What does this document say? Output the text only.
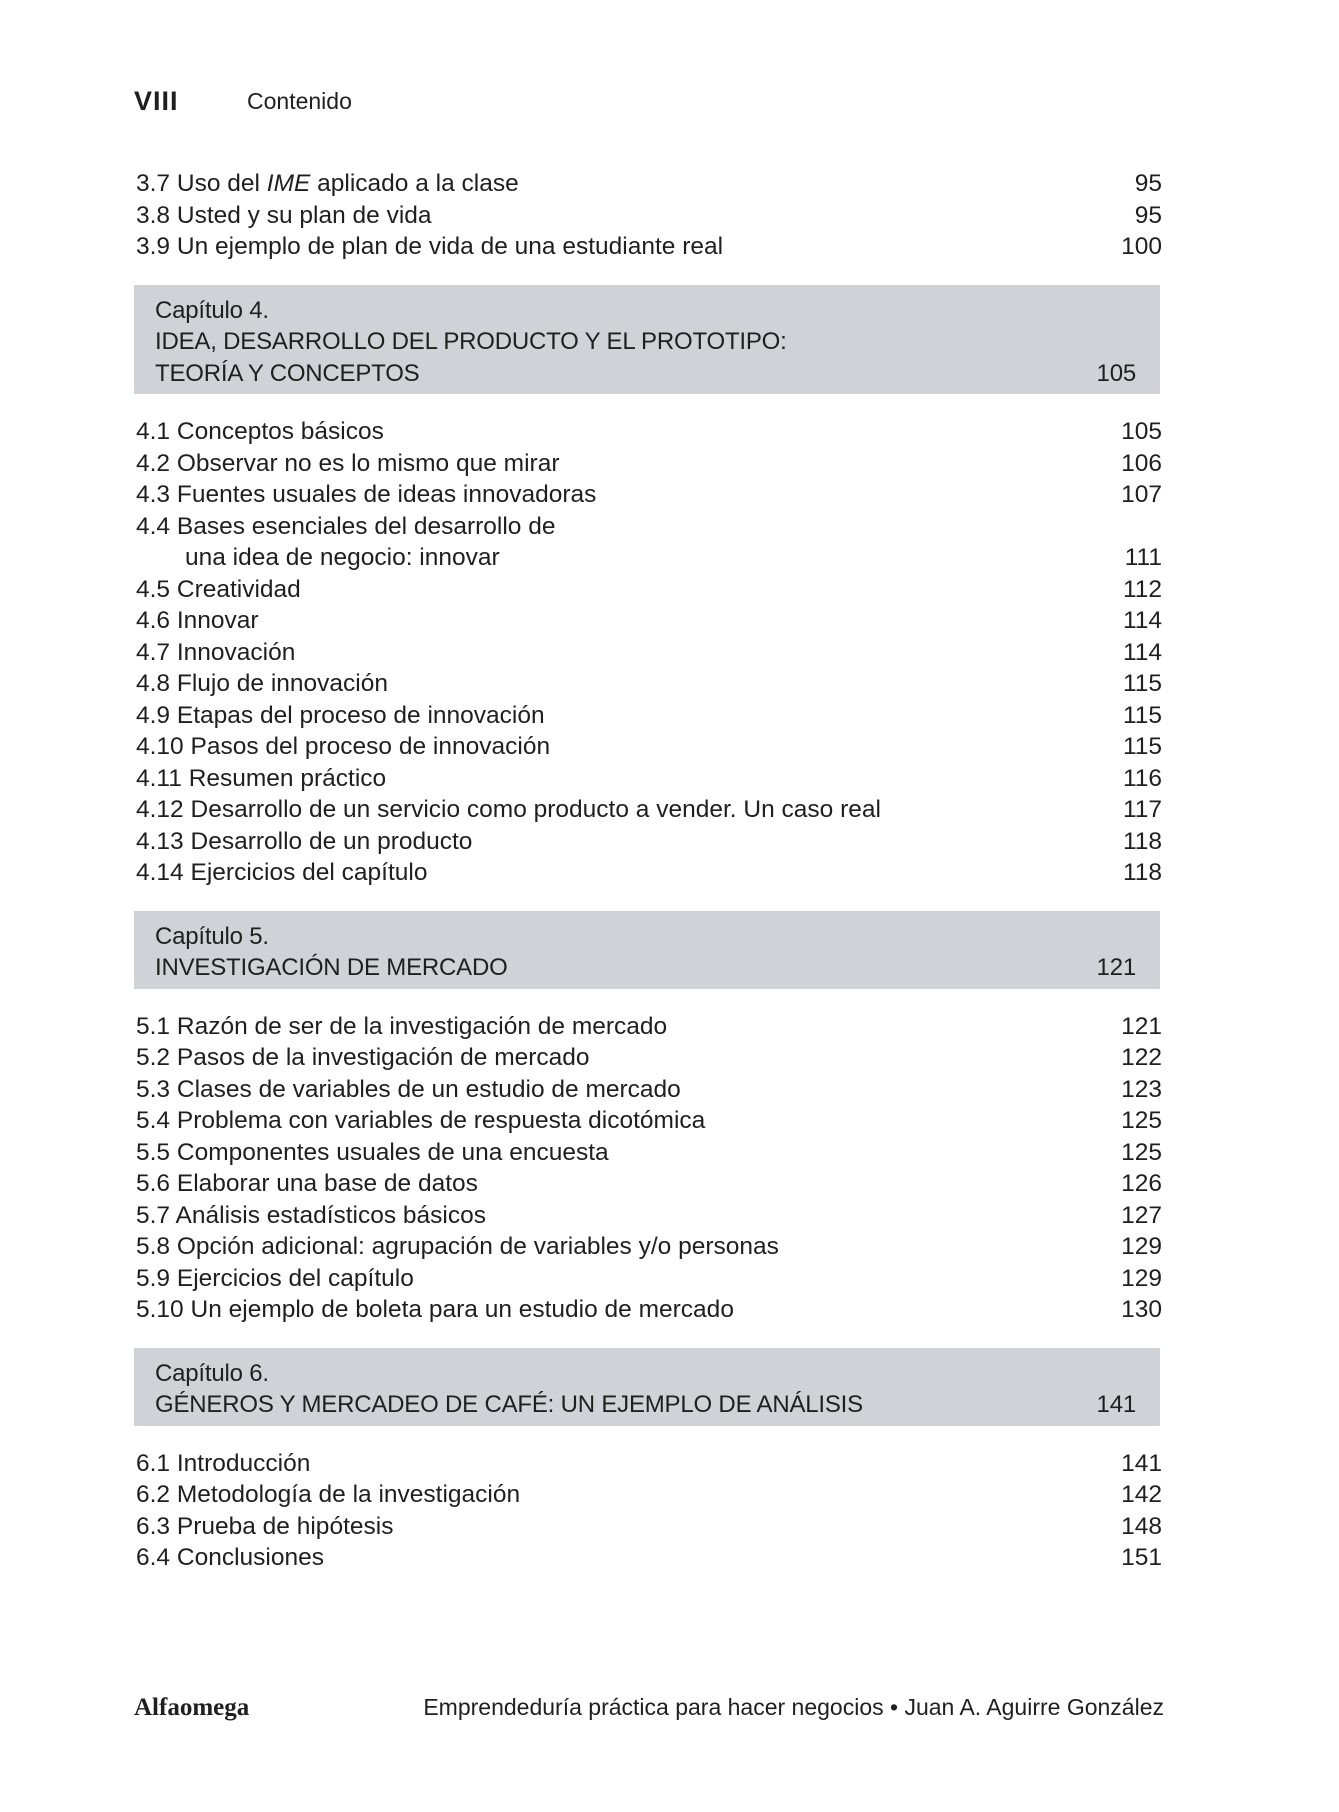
VIII	Contenido
3.7 Uso del IME aplicado a la clase	95
3.8 Usted y su plan de vida	95
3.9 Un ejemplo de plan de vida de una estudiante real	100
Capítulo 4.
IDEA, DESARROLLO DEL PRODUCTO Y EL PROTOTIPO:
TEORÍA Y CONCEPTOS	105
4.1 Conceptos básicos	105
4.2 Observar no es lo mismo que mirar	106
4.3 Fuentes usuales de ideas innovadoras	107
4.4 Bases esenciales del desarrollo de
una idea de negocio: innovar	111
4.5 Creatividad	112
4.6 Innovar	114
4.7 Innovación	114
4.8 Flujo de innovación	115
4.9 Etapas del proceso de innovación	115
4.10 Pasos del proceso de innovación	115
4.11 Resumen práctico	116
4.12 Desarrollo de un servicio como producto a vender. Un caso real	117
4.13 Desarrollo de un producto	118
4.14 Ejercicios del capítulo	118
Capítulo 5.
INVESTIGACIÓN DE MERCADO	121
5.1 Razón de ser de la investigación de mercado	121
5.2 Pasos de la investigación de mercado	122
5.3 Clases de variables de un estudio de mercado	123
5.4 Problema con variables de respuesta dicotómica	125
5.5 Componentes usuales de una encuesta	125
5.6 Elaborar una base de datos	126
5.7 Análisis estadísticos básicos	127
5.8 Opción adicional: agrupación de variables y/o personas	129
5.9 Ejercicios del capítulo	129
5.10 Un ejemplo de boleta para un estudio de mercado	130
Capítulo 6.
GÉNEROS Y MERCADEO DE CAFÉ: UN EJEMPLO DE ANÁLISIS	141
6.1 Introducción	141
6.2 Metodología de la investigación	142
6.3 Prueba de hipótesis	148
6.4 Conclusiones	151
Alfaomega	Emprendeduría práctica para hacer negocios • Juan A. Aguirre González
